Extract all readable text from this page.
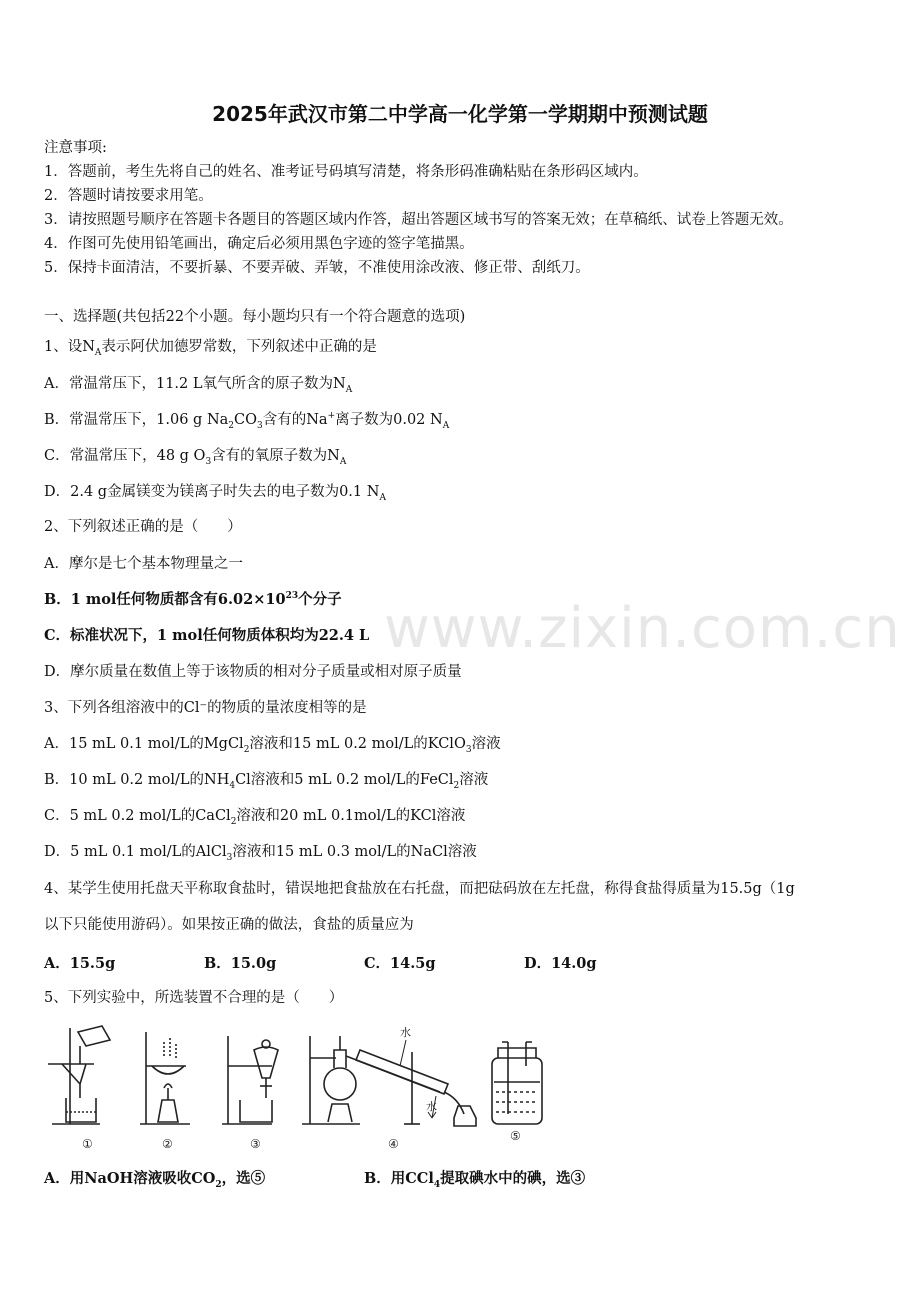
2025年武汉市第二中学高一化学第一学期期中预测试题
注意事项:
1．答题前，考生先将自己的姓名、准考证号码填写清楚，将条形码准确粘贴在条形码区域内。
2．答题时请按要求用笔。
3．请按照题号顺序在答题卡各题目的答题区域内作答，超出答题区域书写的答案无效；在草稿纸、试卷上答题无效。
4．作图可先使用铅笔画出，确定后必须用黑色字迹的签字笔描黑。
5．保持卡面清洁，不要折暴、不要弄破、弄皱，不准使用涂改液、修正带、刮纸刀。
一、选择题(共包括22个小题。每小题均只有一个符合题意的选项)
1、设$N_A$表示阿伏加德罗常数，下列叙述中正确的是
A．常温常压下，11.2 L氧气所含的原子数为$N_A$
B．常温常压下，1.06 g $Na_2CO_3$含有的Na+离子数为0.02 $N_A$
C．常温常压下，48 g $O_3$含有的氧原子数为$N_A$
D．2.4 g金属镁变为镁离子时失去的电子数为0.1 $N_A$
2、下列叙述正确的是（　　）
A．摩尔是七个基本物理量之一
B．1 mol任何物质都含有$6.02\times 10^{23}$个分子
C．标准状况下，1 mol任何物质体积均为22.4 L
D．摩尔质量在数值上等于该物质的相对分子质量或相对原子质量
3、下列各组溶液中的Cl⁻的物质的量浓度相等的是
A．15 mL 0.1 mol/L的MgCl$_2$溶液和15 mL 0.2 mol/L的KClO$_3$溶液
B．10 mL 0.2 mol/L的$NH_4Cl$溶液和5 mL 0.2 mol/L的FeCl$_2$溶液
C．5 mL 0.2 mol/L的CaCl$_2$溶液和20 mL 0.1mol/L的KCl溶液
D．5 mL 0.1 mol/L的AlCl$_3$溶液和15 mL 0.3 mol/L的NaCl溶液
4、某学生使用托盘天平称取食盐时，错误地把食盐放在右托盘，而把砝码放在左托盘，称得食盐得质量为15.5g（1g
以下只能使用游码）。如果按正确的做法，食盐的质量应为
A．15.5g	B．15.0g	C．14.5g	D．14.0g
5、下列实验中，所选装置不合理的是（　　）
水
水
①	②	③	④
⑤
A．用NaOH溶液吸收$CO_2$，选⑤	B．用CCl$_4$提取碘水中的碘，选③
www.zixin.com.cn
